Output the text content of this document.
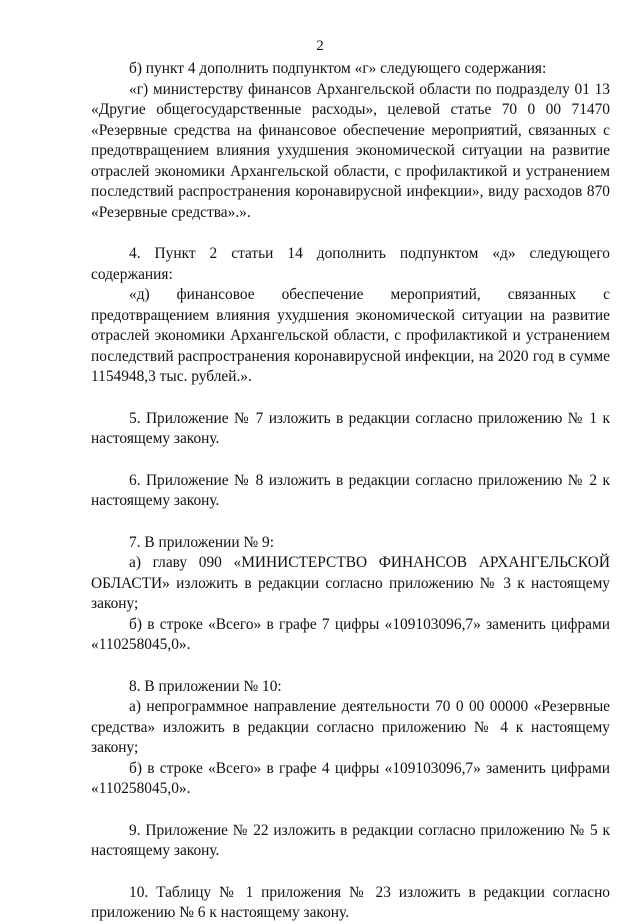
2

б) пункт 4 дополнить подпунктом «г» следующего содержания:

«г) министерству финансов Архангельской области по подразделу 01 13 «Другие общегосударственные расходы», целевой статье 70 0 00 71470 «Резервные средства на финансовое обеспечение мероприятий, связанных с предотвращением влияния ухудшения экономической ситуации на развитие отраслей экономики Архангельской области, с профилактикой и устранением последствий распространения коронавирусной инфекции», виду расходов 870 «Резервные средства».».

4. Пункт 2 статьи 14 дополнить подпунктом «д» следующего содержания:

«д) финансовое обеспечение мероприятий, связанных с предотвращением влияния ухудшения экономической ситуации на развитие отраслей экономики Архангельской области, с профилактикой и устранением последствий распространения коронавирусной инфекции, на 2020 год в сумме 1154948,3 тыс. рублей.».

5. Приложение № 7 изложить в редакции согласно приложению № 1 к настоящему закону.

6. Приложение № 8 изложить в редакции согласно приложению № 2 к настоящему закону.

7. В приложении № 9:

а) главу 090 «МИНИСТЕРСТВО ФИНАНСОВ АРХАНГЕЛЬСКОЙ ОБЛАСТИ» изложить в редакции согласно приложению № 3 к настоящему закону;

б) в строке «Всего» в графе 7 цифры «109103096,7» заменить цифрами «110258045,0».

8. В приложении № 10:

а) непрограммное направление деятельности 70 0 00 00000 «Резервные средства» изложить в редакции согласно приложению № 4 к настоящему закону;

б) в строке «Всего» в графе 4 цифры «109103096,7» заменить цифрами «110258045,0».

9. Приложение № 22 изложить в редакции согласно приложению № 5 к настоящему закону.

10. Таблицу № 1 приложения № 23 изложить в редакции согласно приложению № 6 к настоящему закону.
